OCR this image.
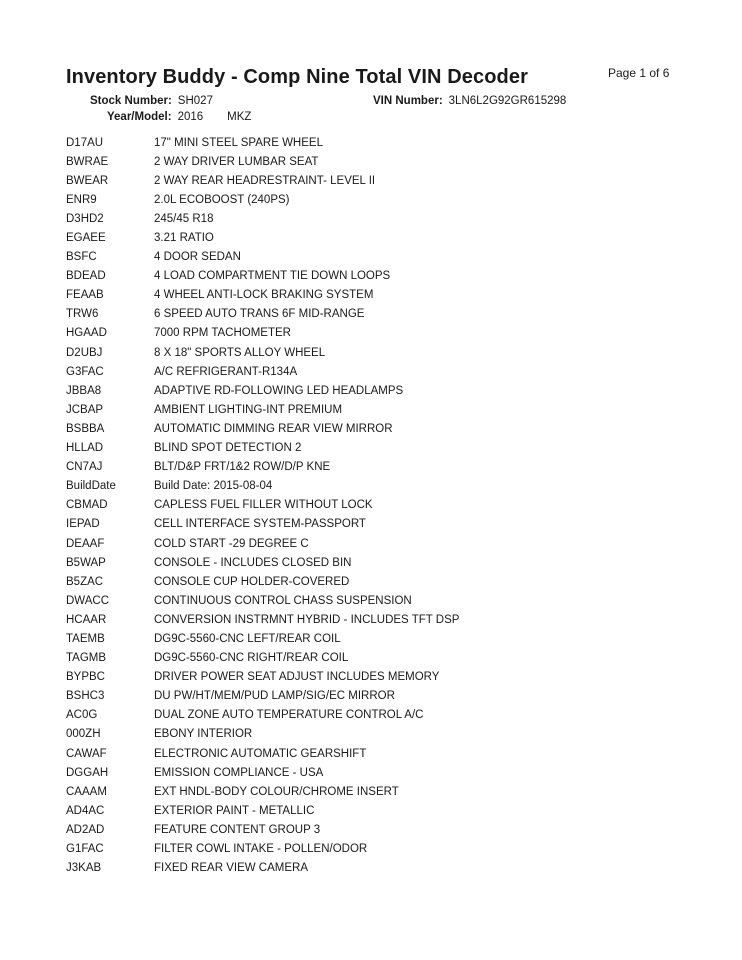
Page 1 of 6
Inventory Buddy - Comp Nine Total VIN Decoder
Stock Number: SH027	VIN Number: 3LN6L2G92GR615298
Year/Model: 2016 MKZ
D17AU	17" MINI STEEL SPARE WHEEL
BWRAE	2 WAY DRIVER LUMBAR SEAT
BWEAR	2 WAY REAR HEADRESTRAINT- LEVEL II
ENR9	2.0L ECOBOOST (240PS)
D3HD2	245/45 R18
EGAEE	3.21 RATIO
BSFC	4 DOOR SEDAN
BDEAD	4 LOAD COMPARTMENT TIE DOWN LOOPS
FEAAB	4 WHEEL ANTI-LOCK BRAKING SYSTEM
TRW6	6 SPEED AUTO TRANS 6F MID-RANGE
HGAAD	7000 RPM TACHOMETER
D2UBJ	8 X 18" SPORTS ALLOY WHEEL
G3FAC	A/C REFRIGERANT-R134A
JBBA8	ADAPTIVE RD-FOLLOWING LED HEADLAMPS
JCBAP	AMBIENT LIGHTING-INT PREMIUM
BSBBA	AUTOMATIC DIMMING REAR VIEW MIRROR
HLLAD	BLIND SPOT DETECTION 2
CN7AJ	BLT/D&P FRT/1&2 ROW/D/P KNE
BuildDate	Build Date: 2015-08-04
CBMAD	CAPLESS FUEL FILLER WITHOUT LOCK
IEPAD	CELL INTERFACE SYSTEM-PASSPORT
DEAAF	COLD START -29 DEGREE C
B5WAP	CONSOLE - INCLUDES CLOSED BIN
B5ZAC	CONSOLE CUP HOLDER-COVERED
DWACC	CONTINUOUS CONTROL CHASS SUSPENSION
HCAAR	CONVERSION INSTRMNT HYBRID - INCLUDES TFT DSP
TAEMB	DG9C-5560-CNC LEFT/REAR COIL
TAGMB	DG9C-5560-CNC RIGHT/REAR COIL
BYPBC	DRIVER POWER SEAT ADJUST INCLUDES MEMORY
BSHC3	DU PW/HT/MEM/PUD LAMP/SIG/EC MIRROR
AC0G	DUAL ZONE AUTO TEMPERATURE CONTROL A/C
000ZH	EBONY INTERIOR
CAWAF	ELECTRONIC AUTOMATIC GEARSHIFT
DGGAH	EMISSION COMPLIANCE - USA
CAAAM	EXT HNDL-BODY COLOUR/CHROME INSERT
AD4AC	EXTERIOR PAINT - METALLIC
AD2AD	FEATURE CONTENT GROUP 3
G1FAC	FILTER COWL INTAKE - POLLEN/ODOR
J3KAB	FIXED REAR VIEW CAMERA
